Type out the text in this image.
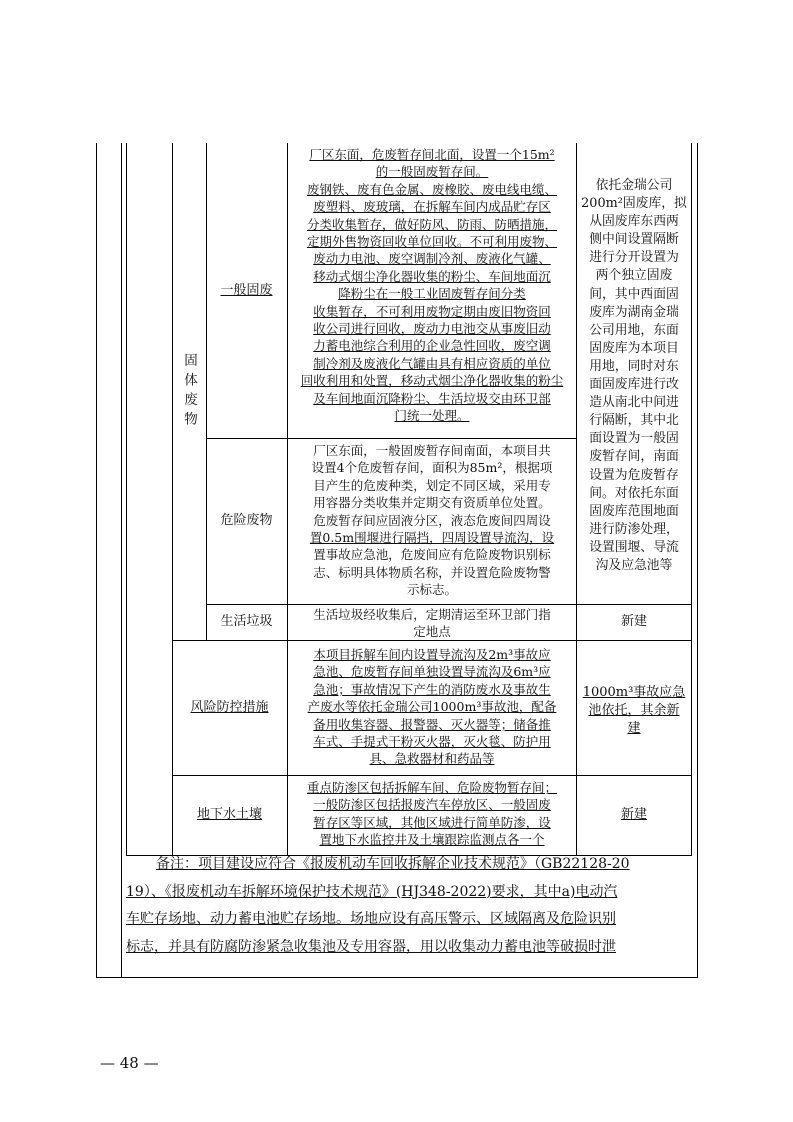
固体废物
一般固废
危险废物
生活垃圾
风险防控措施
地下水土壤
厂区东面，危废暂存间北面，设置一个15m²
的一般固废暂存间。
废钢铁、废有色金属、废橡胶、废电线电缆、
废塑料、废玻璃，在拆解车间内成品贮存区
分类收集暂存，做好防风、防雨、防晒措施，
定期外售物资回收单位回收。不可利用废物、
废动力电池、废空调制冷剂、废液化气罐、
移动式烟尘净化器收集的粉尘、车间地面沉
降粉尘在一般工业固废暂存间分类
收集暂存，不可利用废物定期由废旧物资回
收公司进行回收，废动力电池交从事废旧动
力蓄电池综合利用的企业急性回收，废空调
制冷剂及废液化气罐由具有相应资质的单位
回收利用和处置，移动式烟尘净化器收集的粉尘
及车间地面沉降粉尘、生活垃圾交由环卫部
门统一处理。
厂区东面，一般固废暂存间南面，本项目共
设置4个危废暂存间，面积为85m²，根据项
目产生的危废种类，划定不同区域，采用专
用容器分类收集并定期交有资质单位处置。
危废暂存间应固液分区，液态危废间四周设
置0.5m围堰进行隔挡，四周设置导流沟，设
置事故应急池，危废间应有危险废物识别标
志、标明具体物质名称，并设置危险废物警
示标志。
生活垃圾经收集后，定期清运至环卫部门指
定地点
本项目拆解车间内设置导流沟及2m³事故应
急池、危废暂存间单独设置导流沟及6m³应
急池；事故情况下产生的消防废水及事故生
产废水等依托金瑞公司1000m³事故池，配备
备用收集容器、报警器、灭火器等；储备推
车式、手提式干粉灭火器，灭火毯、防护用
具、急救器材和药品等
重点防渗区包括拆解车间、危险废物暂存间；
一般防渗区包括报废汽车停放区、一般固废
暂存区等区域，其他区域进行简单防渗，设
置地下水监控井及土壤跟踪监测点各一个
依托金瑞公司
200m²固废库，拟
从固废库东西两
侧中间设置隔断
进行分开设置为
两个独立固废
间，其中西面固
废库为湖南金瑞
公司用地，东面
固废库为本项目
用地，同时对东
面固废库进行改
造从南北中间进
行隔断，其中北
面设置为一般固
废暂存间，南面
设置为危废暂存
间。对依托东面
固废库范围地面
进行防渗处理，
设置围堰、导流
沟及应急池等
新建
1000m³事故应急
池依托，其余新
建
新建
备注：项目建设应符合《报废机动车回收拆解企业技术规范》（GB22128-20
19）、《报废机动车拆解环境保护技术规范》(HJ348-2022)要求，其中a)电动汽
车贮存场地、动力蓄电池贮存场地。场地应设有高压警示、区域隔离及危险识别
标志，并具有防腐防渗紧急收集池及专用容器，用以收集动力蓄电池等破损时泄
— 48 —
